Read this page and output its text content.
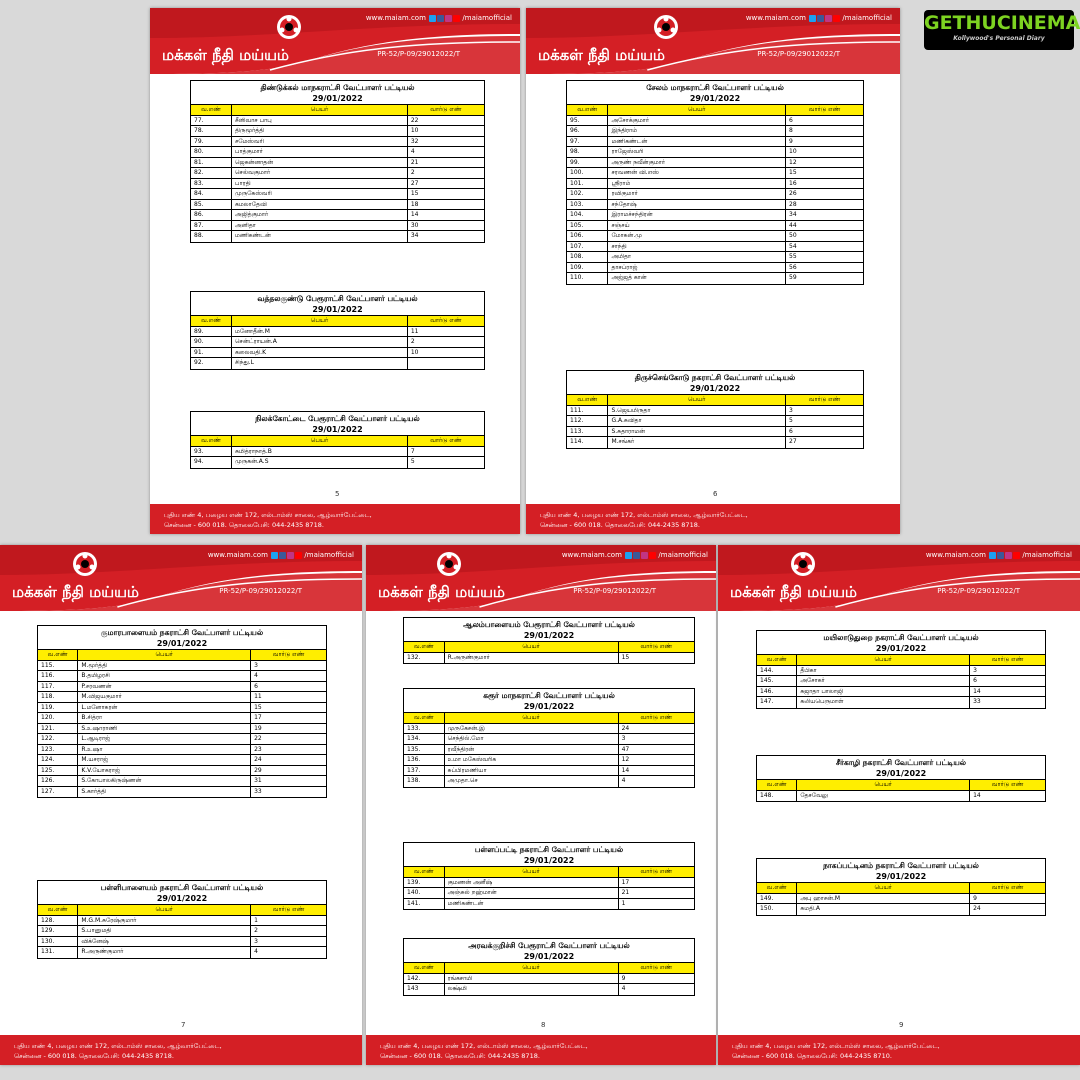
GETHUCINEMA
Kollywood's Personal Diary
மக்கள் நீதி மய்யம்
www.maiam.com	/maiamofficial
PR-52/P-09/29012022/T
5
புதிய எண் 4, பழைய எண் 172, எல்டாம்ஸ் சாலை, ஆழ்வார்பேட்டை,
சென்னை - 600 018. தொலைபேசி: 044-2435 8718.
திண்டுக்கல் மாநகராட்சி வேட்பாளர் பட்டியல்
29/01/2022
வ.எண்	பெயர்	வார்டு எண்
77.	சீனிவாச பாபு	22
78.	திருமூர்த்தி	10
79.	சமேஸ்வரி	32
80.	பாத்குமார்	4
81.	ஜெகன்னாதன்	21
82.	செல்வகுமார்	2
83.	பாரதி	27
84.	முருகேஸ்வரி	15
85.	கமலாதேவி	18
86.	அஜித்குமார்	14
87.	அனிதா	30
88.	மணிகண்டன்	34
வத்தலகுண்டு பேரூராட்சி வேட்பாளர் பட்டியல்
29/01/2022
வ.எண்	பெயர்	வார்டு எண்
89.	மனோதீன்.M	11
90.	சென்ட்ராயன்.A	2
91.	கலைவதி.K	10
92.	சிந்து.L
நிலக்கோட்டை பேரூராட்சி வேட்பாளர் பட்டியல்
29/01/2022
வ.எண்	பெயர்	வார்டு எண்
93.	சுமித்ராநாத்.B	7
94.	முருகன்.A.S	5
மக்கள் நீதி மய்யம்
www.maiam.com	/maiamofficial
PR-52/P-09/29012022/T
6
புதிய எண் 4, பழைய எண் 172, எல்டாம்ஸ் சாலை, ஆழ்வார்பேட்டை,
சென்னை - 600 018. தொலைபேசி: 044-2435 8718.
சேலம் மாநகராட்சி வேட்பாளர் பட்டியல்
29/01/2022
வ.எண்	பெயர்	வார்டு எண்
95.	அசோக்குமார்	6
96.	இந்திராம்	8
97.	மணிகண்டன்	9
98.	ராஜேஸ்வரி	10
99.	அருண் நவீன்குமார்	12
100.	சரவணன் வி.எஸ்	15
101.	ஸ்ரீராம்	16
102.	ரவிகுமார்	26
103.	சந்தோஷ்	28
104.	இராமச்சந்திரன்	34
105.	சஞ்சய்	44
106.	மோகன்.மு	50
107.	சாந்தி	54
108.	அமிதா	55
109.	தாசப்ராஜ்	56
110.	அஜ்ஜத் கான்	59
திருச்செங்கோடு நகராட்சி வேட்பாளர் பட்டியல்
29/01/2022
வ.எண்	பெயர்	வார்டு எண்
111.	S.ஜெயமிருதா	3
112.	G.A.சுவிதா	5
113.	S.சுதாராமன்	6
114.	M.சங்கர்	27
மக்கள் நீதி மய்யம்
www.maiam.com	/maiamofficial
PR-52/P-09/29012022/T
7
புதிய எண் 4, பழைய எண் 172, எல்டாம்ஸ் சாலை, ஆழ்வார்பேட்டை,
சென்னை - 600 018. தொலைபேசி: 044-2435 8718.
குமாரபாளையம் நகராட்சி வேட்பாளர் பட்டியல்
29/01/2022
வ.எண்	பெயர்	வார்டு எண்
115.	M.மூர்த்தி	3
116.	B.தமிழரசி	4
117.	P.சரவணன்	6
118.	M.விஜயகுமார்	11
119.	L.மனோகரன்	15
120.	B.சித்ரா	17
121.	S.உஷாராணி	19
122.	L.ஆடிராஜ்	22
123.	R.உஷா	23
124.	M.யசராஜ்	24
125.	K.V.யோகராஜ்	29
126.	S.கோபாலகிருஷ்ணன்	31
127.	S.கார்த்தி	33
பள்ளிபாளையம் நகராட்சி வேட்பாளர் பட்டியல்
29/01/2022
வ.எண்	பெயர்	வார்டு எண்
128.	M.G.M.சுரேஷ்குமார்	1
129.	S.பானுமதி	2
130.	விக்னேஷ்	3
131.	R.அருண்குமார்	4
மக்கள் நீதி மய்யம்
www.maiam.com	/maiamofficial
PR-52/P-09/29012022/T
8
புதிய எண் 4, பழைய எண் 172, எல்டாம்ஸ் சாலை, ஆழ்வார்பேட்டை,
சென்னை - 600 018. தொலைபேசி: 044-2435 8718.
ஆலம்பாளையம் பேரூராட்சி வேட்பாளர் பட்டியல்
29/01/2022
வ.எண்	பெயர்	வார்டு எண்
132.	R.அருண்குமார்	15
கரூர் மாநகராட்சி வேட்பாளர் பட்டியல்
29/01/2022
வ.எண்	பெயர்	வார்டு எண்
133.	முருகேசன்.இ	24
134.	செந்தில்.மோ	3
135.	ரவீந்திரன்	47
136.	உமா மகேஸ்வரிக	12
137.	சுப்பிரமணியா	14
138.	அமுதா.செ	4
பள்ளப்பட்டி நகராட்சி வேட்பாளர் பட்டியல்
29/01/2022
வ.எண்	பெயர்	வார்டு எண்
139.	குமணன் அனீஷ்	17
140.	அஞ்சுல் றஹ்மான்	21
141.	மணிகண்டன்	1
அரவக்குறிச்சி பேரூராட்சி வேட்பாளர் பட்டியல்
29/01/2022
வ.எண்	பெயர்	வார்டு எண்
142.	ரங்கசாமி	9
143	லக்ஷ்மி	4
மக்கள் நீதி மய்யம்
www.maiam.com	/maiamofficial
PR-52/P-09/29012022/T
9
புதிய எண் 4, பழைய எண் 172, எல்டாம்ஸ் சாலை, ஆழ்வார்பேட்டை,
சென்னை - 600 018. தொலைபேசி: 044-2435 8710.
மயிலாடுதுறை நகராட்சி வேட்பாளர் பட்டியல்
29/01/2022
வ.எண்	பெயர்	வார்டு எண்
144.	தீபிகா	3
145.	அசோகர்	6
146.	சுஜாதா பாலாஜி	14
147.	கலியபெருமாள்	33
சீர்காழி நகராட்சி வேட்பாளர் பட்டியல்
29/01/2022
வ.எண்	பெயர்	வார்டு எண்
148.	தேசவேலு	14
நாகப்பட்டினம் நகராட்சி வேட்பாளர் பட்டியல்
29/01/2022
வ.எண்	பெயர்	வார்டு எண்
149.	அபு ஹாசன்.M	9
150.	சுமதி.A	24
